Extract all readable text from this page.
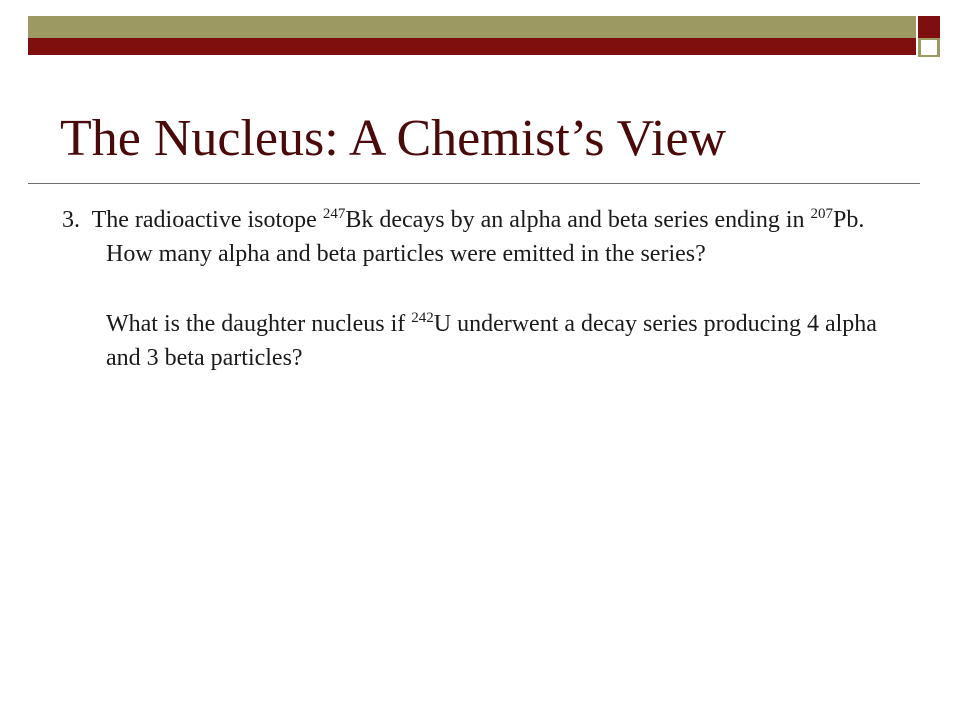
The Nucleus: A Chemist’s View

3. The radioactive isotope $^{247}$Bk decays by an alpha and beta series ending in $^{207}$Pb. How many alpha and beta particles were emitted in the series?

What is the daughter nucleus if $^{242}$U underwent a decay series producing 4 alpha and 3 beta particles?
